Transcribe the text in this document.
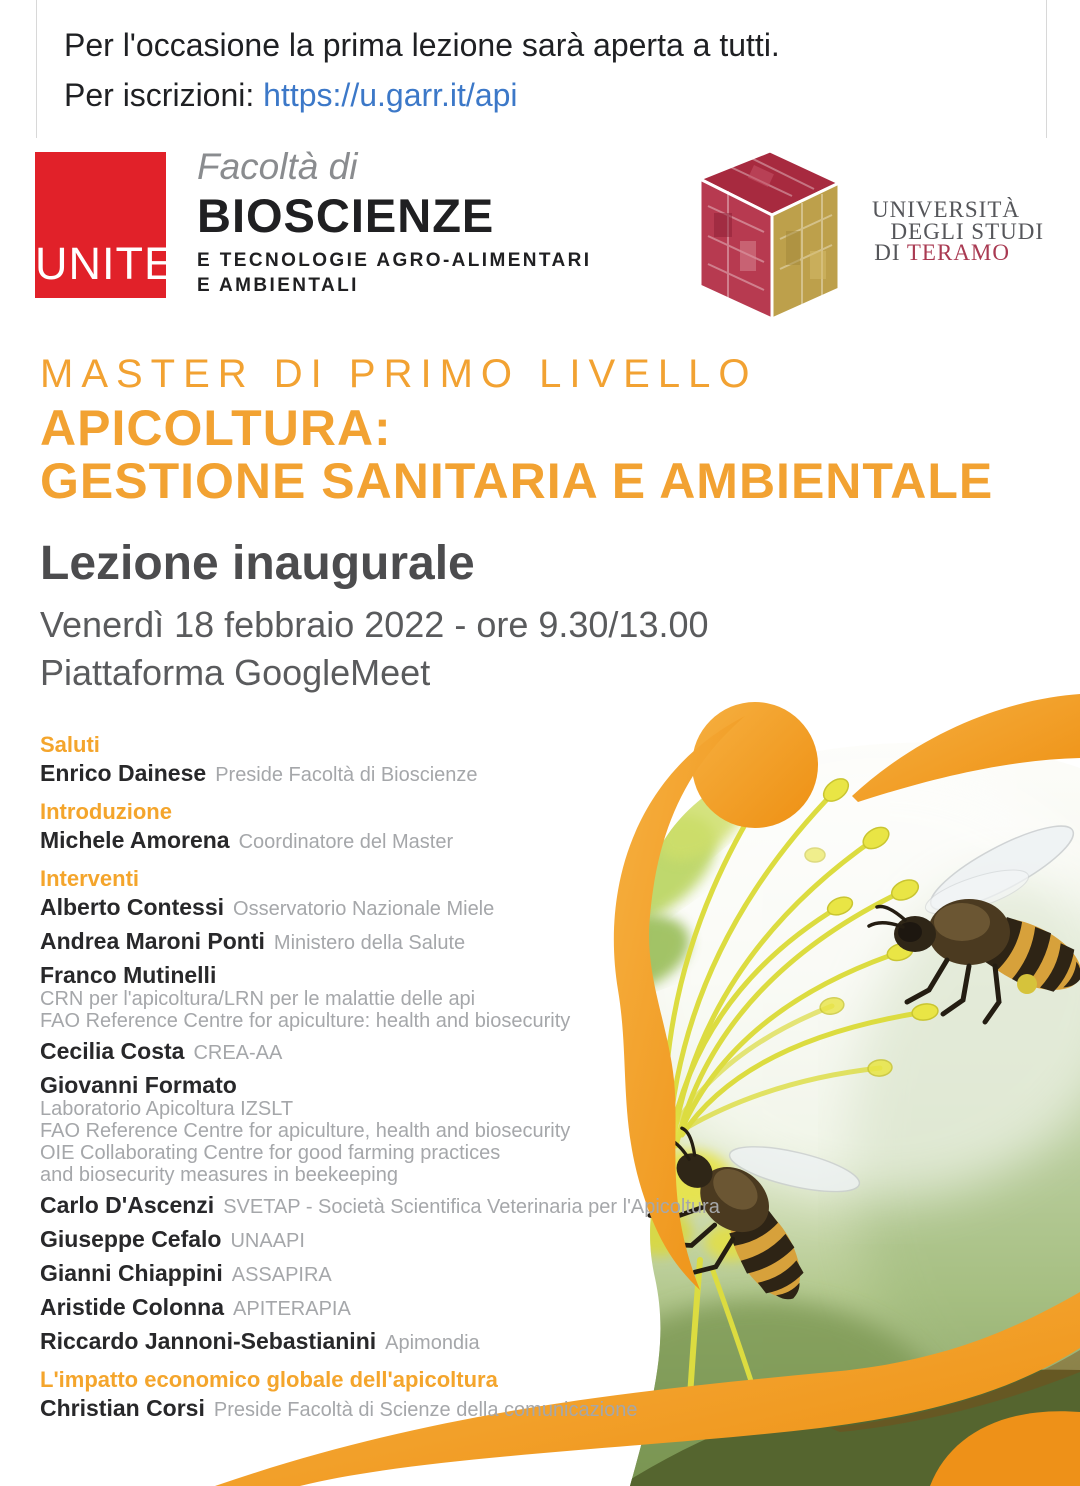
Per l'occasione la prima lezione sarà aperta a tutti.
Per iscrizioni: https://u.garr.it/api
UNITE
Facoltà di
BIOSCIENZE
E TECNOLOGIE AGRO-ALIMENTARI
E AMBIENTALI
UNIVERSITÀ
DEGLI STUDI
DI TERAMO
MASTER DI PRIMO LIVELLO
APICOLTURA:
GESTIONE SANITARIA E AMBIENTALE
Lezione inaugurale
Venerdì 18 febbraio 2022 - ore 9.30/13.00
Piattaforma GoogleMeet
Saluti
Enrico Dainese Preside Facoltà di Bioscienze
Introduzione
Michele Amorena Coordinatore del Master
Interventi
Alberto Contessi Osservatorio Nazionale Miele
Andrea Maroni Ponti Ministero della Salute
Franco Mutinelli
CRN per l'apicoltura/LRN per le malattie delle api
FAO Reference Centre for apiculture: health and biosecurity
Cecilia Costa CREA-AA
Giovanni Formato
Laboratorio Apicoltura IZSLT
FAO Reference Centre for apiculture, health and biosecurity
OIE Collaborating Centre for good farming practices
and biosecurity measures in beekeeping
Carlo D'Ascenzi SVETAP - Società Scientifica Veterinaria per l'Apicoltura
Giuseppe Cefalo UNAAPI
Gianni Chiappini ASSAPIRA
Aristide Colonna APITERAPIA
Riccardo Jannoni-Sebastianini Apimondia
L'impatto economico globale dell'apicoltura
Christian Corsi Preside Facoltà di Scienze della comunicazione
